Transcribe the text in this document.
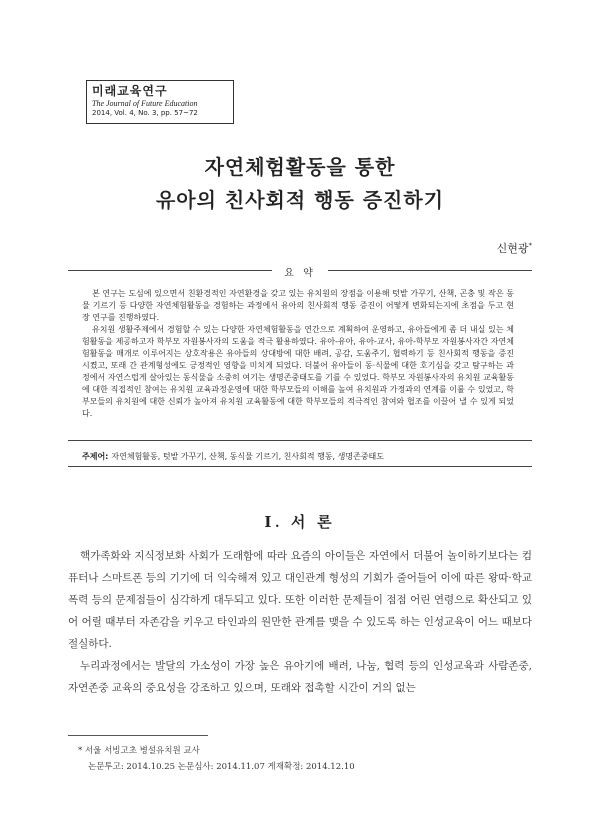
미래교육연구
The Journal of Future Education
2014, Vol. 4, No. 3, pp. 57~72
자연체험활동을 통한
유아의 친사회적 행동 증진하기
신현광*
요 약

본 연구는 도심에 있으면서 친환경적인 자연환경을 갖고 있는 유치원의 장점을 이용해 텃밭 가꾸기, 산책, 곤충 및 작은 동물 기르기 등 다양한 자연체험활동을 경험하는 과정에서 유아의 친사회적 행동 증진이 어떻게 변화되는지에 초점을 두고 현장 연구를 진행하였다.

유치원 생활주제에서 경험할 수 있는 다양한 자연체험활동을 연간으로 계획하여 운영하고, 유아들에게 좀 더 내실 있는 체험활동을 제공하고자 학부모 자원봉사자의 도움을 적극 활용하였다. 유아-유아, 유아-교사, 유아-학부모 자원봉사자간 자연체험활동을 매개로 이루어지는 상호작용은 유아들의 상대방에 대한 배려, 공감, 도움주기, 협력하기 등 친사회적 행동을 증진 시켰고, 또래 간 관계형성에도 긍정적인 영향을 미치게 되었다. 더불어 유아들이 동·식물에 대한 호기심을 갖고 탐구하는 과정에서 자연스럽게 살아있는 동식물을 소중히 여기는 생명존중태도를 기를 수 있었다. 학부모 자원봉사자의 유치원 교육활동에 대한 직접적인 참여는 유치원 교육과정운영에 대한 학부모들의 이해를 높여 유치원과 가정과의 연계를 이룰 수 있었고, 학부모들의 유치원에 대한 신뢰가 높아져 유치원 교육활동에 대한 학부모들의 적극적인 참여와 협조를 이끌어 낼 수 있게 되었다.

주제어: 자연체험활동, 텃밭 가꾸기, 산책, 동식물 기르기, 친사회적 행동, 생명존중태도
Ⅰ. 서 론

핵가족화와 지식정보화 사회가 도래함에 따라 요즘의 아이들은 자연에서 더불어 놀이하기보다는 컴퓨터나 스마트폰 등의 기기에 더 익숙해져 있고 대인관계 형성의 기회가 줄어들어 이에 따른 왕따·학교 폭력 등의 문제점들이 심각하게 대두되고 있다. 또한 이러한 문제들이 점점 어린 연령으로 확산되고 있어 어릴 때부터 자존감을 키우고 타인과의 원만한 관계를 맺을 수 있도록 하는 인성교육이 어느 때보다 절실하다.

누리과정에서는 발달의 가소성이 가장 높은 유아기에 배려, 나눔, 협력 등의 인성교육과 사람존중, 자연존중 교육의 중요성을 강조하고 있으며, 또래와 접촉할 시간이 거의 없는

* 서울 서빙고초 병설유치원 교사
논문투고: 2014.10.25 논문심사: 2014.11.07 게재확정: 2014.12.10
